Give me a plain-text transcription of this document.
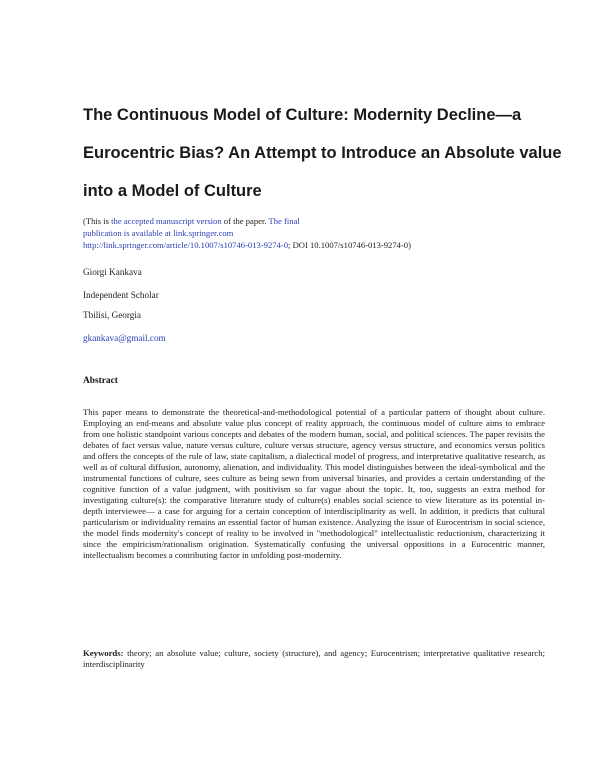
The Continuous Model of Culture: Modernity Decline—a
Eurocentric Bias? An Attempt to Introduce an Absolute value
into a Model of Culture
(This is the accepted manuscript version of the paper. The final
publication is available at link.springer.com
http://link.springer.com/article/10.1007/s10746-013-9274-0; DOI 10.1007/s10746-013-9274-0)
Giorgi Kankava
Independent Scholar
Tbilisi, Georgia
gkankava@gmail.com
Abstract
This paper means to demonstrate the theoretical-and-methodological potential of a particular pattern of thought about culture. Employing an end-means and absolute value plus concept of reality approach, the continuous model of culture aims to embrace from one holistic standpoint various concepts and debates of the modern human, social, and political sciences. The paper revisits the debates of fact versus value, nature versus culture, culture versus structure, agency versus structure, and economics versus politics and offers the concepts of the rule of law, state capitalism, a dialectical model of progress, and interpretative qualitative research, as well as of cultural diffusion, autonomy, alienation, and individuality. This model distinguishes between the ideal-symbolical and the instrumental functions of culture, sees culture as being sewn from universal binaries, and provides a certain understanding of the cognitive function of a value judgment, with positivism so far vague about the topic. It, too, suggests an extra method for investigating culture(s): the comparative literature study of culture(s) enables social science to view literature as its potential in-depth interviewee— a case for arguing for a certain conception of interdisciplinarity as well. In addition, it predicts that cultural particularism or individuality remains an essential factor of human existence. Analyzing the issue of Eurocentrism in social science, the model finds modernity's concept of reality to be involved in "methodological" intellectualistic reductionism, characterizing it since the empiricism/rationalism origination. Systematically confusing the universal oppositions in a Eurocentric manner, intellectualism becomes a contributing factor in unfolding post-modernity.
Keywords: theory; an absolute value; culture, society (structure), and agency; Eurocentrism; interpretative qualitative research; interdisciplinarity
